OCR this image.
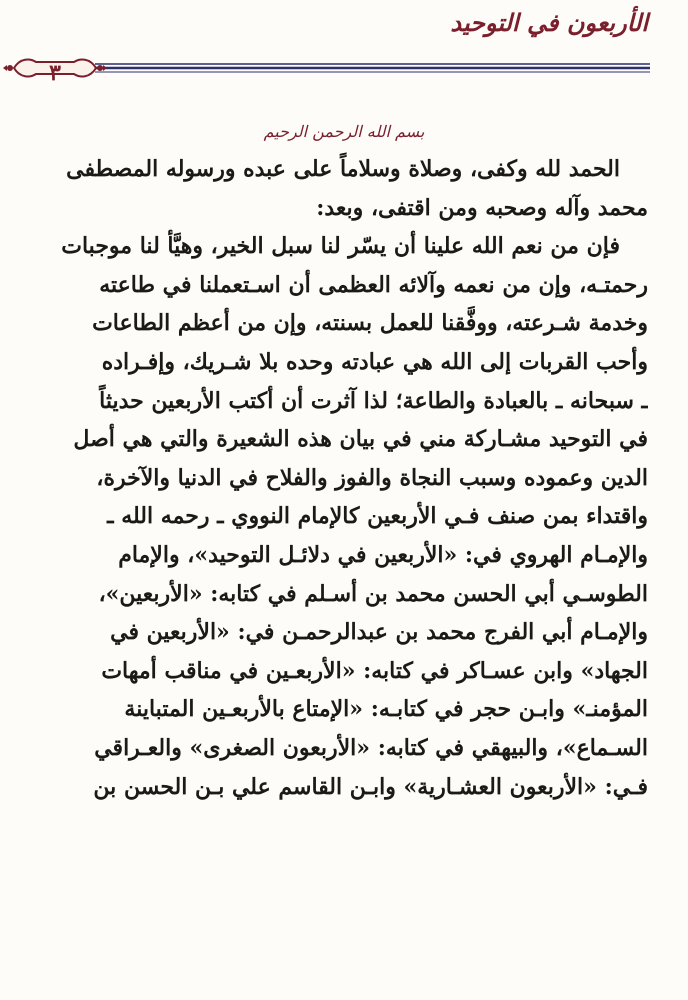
الأربعون في التوحيد
٣
بسم الله الرحمن الرحيم
الحمد لله وكفى، وصلاة وسلاماً على عبده ورسوله المصطفى
محمد وآله وصحبه ومن اقتفى، وبعد:
فإن من نعم الله علينا أن يسّر لنا سبل الخير، وهيَّأ لنا موجبات
رحمتـه، وإن من نعمه وآلائه العظمى أن اسـتعملنا في طاعته
وخدمة شـرعته، ووفَّقنا للعمل بسنته، وإن من أعظم الطاعات
وأحب القربات إلى الله هي عبادته وحده بلا شـريك، وإفـراده
ـ سبحانه ـ بالعبادة والطاعة؛ لذا آثرت أن أكتب الأربعين حديثاً
في التوحيد مشـاركة مني في بيان هذه الشعيرة والتي هي أصل
الدين وعموده وسبب النجاة والفوز والفلاح في الدنيا والآخرة،
واقتداء بمن صنف فـي الأربعين كالإمام النووي ـ رحمه الله ـ
والإمـام الهروي في: «الأربعين في دلائـل التوحيد»، والإمام
الطوسـي أبي الحسن محمد بن أسـلم في كتابه: «الأربعين»،
والإمـام أبي الفرج محمد بن عبدالرحمـن في: «الأربعين في
الجهاد» وابن عسـاكر في كتابه: «الأربعـين في مناقب أمهات
المؤمنـ» وابـن حجر في كتابـه: «الإمتاع بالأربعـين المتباينة
السـماع»، والبيهقي في كتابه: «الأربعون الصغرى» والعـراقي
فـي: «الأربعون العشـارية» وابـن القاسم علي بـن الحسن بن
